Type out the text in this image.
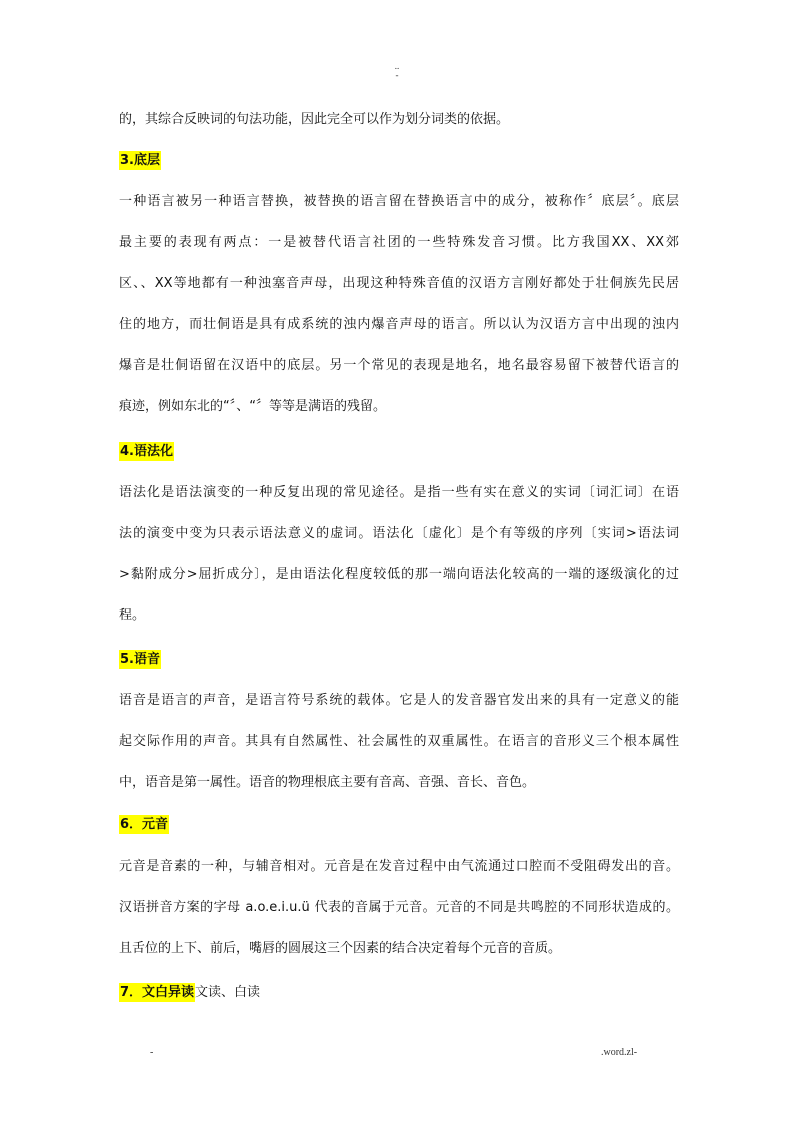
..
-
的，其综合反映词的句法功能，因此完全可以作为划分词类的依据。
3.底层
一种语言被另一种语言替换，被替换的语言留在替换语言中的成分，被称作〞底层〞。底层
最主要的表现有两点：一是被替代语言社团的一些特殊发音习惯。比方我国XX、XX郊
区、、XX等地都有一种浊塞音声母，出现这种特殊音值的汉语方言刚好都处于壮侗族先民居
住的地方，而壮侗语是具有成系统的浊内爆音声母的语言。所以认为汉语方言中出现的浊内
爆音是壮侗语留在汉语中的底层。另一个常见的表现是地名，地名最容易留下被替代语言的
痕迹，例如东北的“〞、“〞等等是满语的残留。
4.语法化
语法化是语法演变的一种反复出现的常见途径。是指一些有实在意义的实词〔词汇词〕在语
法的演变中变为只表示语法意义的虚词。语法化〔虚化〕是个有等级的序列〔实词>语法词
>黏附成分>屈折成分〕，是由语法化程度较低的那一端向语法化较高的一端的逐级演化的过
程。
5.语音
语音是语言的声音，是语言符号系统的载体。它是人的发音器官发出来的具有一定意义的能
起交际作用的声音。其具有自然属性、社会属性的双重属性。在语言的音形义三个根本属性
中，语音是第一属性。语音的物理根底主要有音高、音强、音长、音色。
6．元音
元音是音素的一种，与辅音相对。元音是在发音过程中由气流通过口腔而不受阻碍发出的音。
汉语拼音方案的字母 a.o.e.i.u.ü 代表的音属于元音。元音的不同是共鸣腔的不同形状造成的。
且舌位的上下、前后，嘴唇的圆展这三个因素的结合决定着每个元音的音质。
7．文白异读文读、白读
-	.word.zl-
